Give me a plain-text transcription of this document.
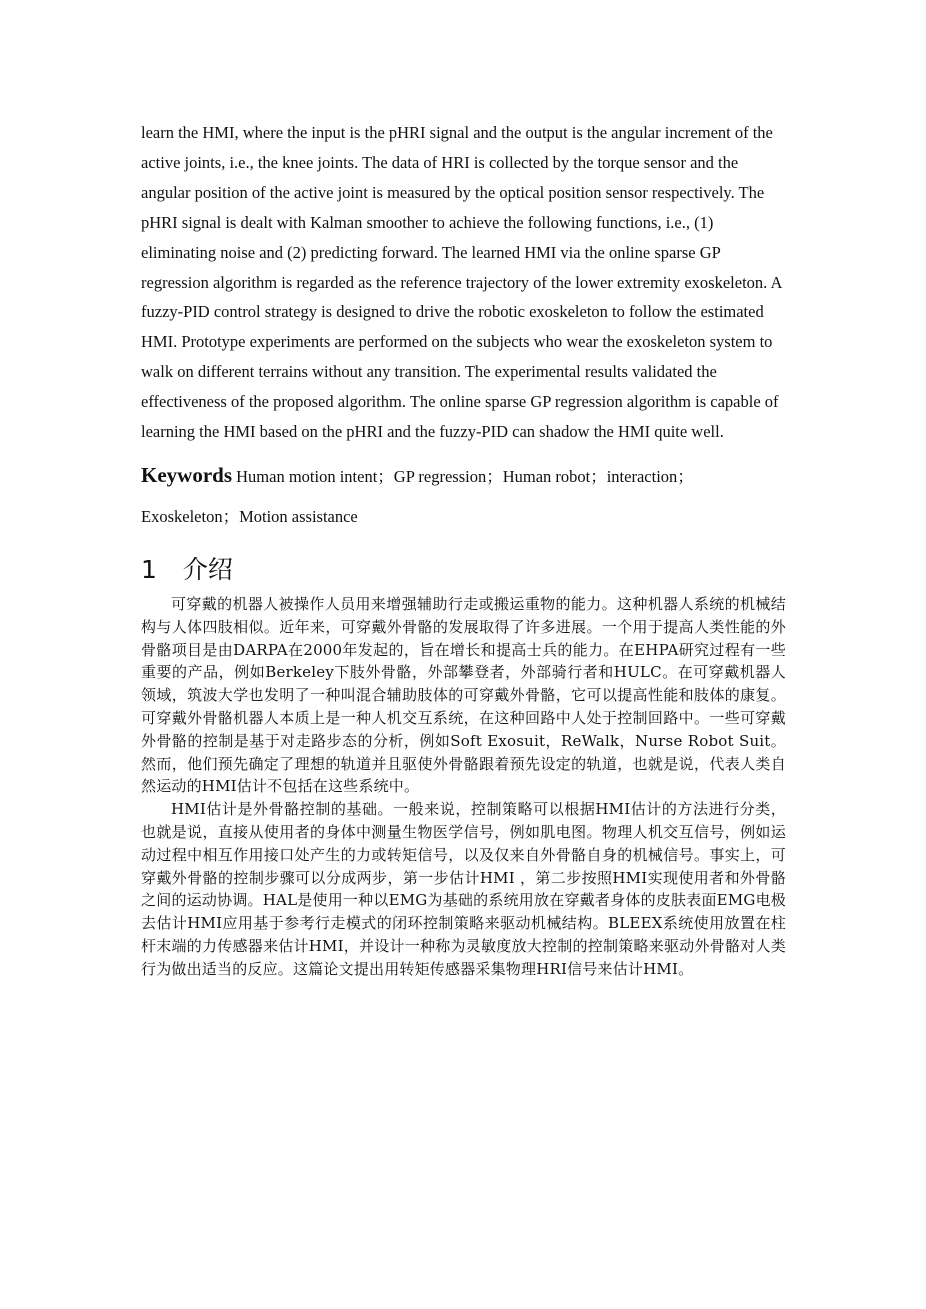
learn the HMI, where the input is the pHRI signal and the output is the angular increment of the active joints, i.e., the knee joints. The data of HRI is collected by the torque sensor and the angular position of the active joint is measured by the optical position sensor respectively. The pHRI signal is dealt with Kalman smoother to achieve the following functions, i.e., (1) eliminating noise and (2) predicting forward. The learned HMI via the online sparse GP regression algorithm is regarded as the reference trajectory of the lower extremity exoskeleton. A fuzzy-PID control strategy is designed to drive the robotic exoskeleton to follow the estimated HMI. Prototype experiments are performed on the subjects who wear the exoskeleton system to walk on different terrains without any transition. The experimental results validated the effectiveness of the proposed algorithm. The online sparse GP regression algorithm is capable of learning the HMI based on the pHRI and the fuzzy-PID can shadow the HMI quite well.

Keywords Human motion intent；GP regression；Human robot；interaction；Exoskeleton；Motion assistance
1 介绍

可穿戴的机器人被操作人员用来增强辅助行走或搬运重物的能力。这种机器人系统的机械结构与人体四肢相似。近年来，可穿戴外骨骼的发展取得了许多进展。一个用于提高人类性能的外骨骼项目是由DARPA在2000年发起的，旨在增长和提高士兵的能力。在EHPA研究过程有一些重要的产品，例如Berkeley下肢外骨骼，外部攀登者，外部骑行者和HULC。在可穿戴机器人领域，筑波大学也发明了一种叫混合辅助肢体的可穿戴外骨骼，它可以提高性能和肢体的康复。可穿戴外骨骼机器人本质上是一种人机交互系统，在这种回路中人处于控制回路中。一些可穿戴外骨骼的控制是基于对走路步态的分析，例如Soft Exosuit，ReWalk，Nurse Robot Suit。然而，他们预先确定了理想的轨道并且驱使外骨骼跟着预先设定的轨道，也就是说，代表人类自然运动的HMI估计不包括在这些系统中。

HMI估计是外骨骼控制的基础。一般来说，控制策略可以根据HMI估计的方法进行分类，也就是说，直接从使用者的身体中测量生物医学信号，例如肌电图。物理人机交互信号，例如运动过程中相互作用接口处产生的力或转矩信号，以及仅来自外骨骼自身的机械信号。事实上，可穿戴外骨骼的控制步骤可以分成两步，第一步估计HMI ，第二步按照HMI实现使用者和外骨骼之间的运动协调。HAL是使用一种以EMG为基础的系统用放在穿戴者身体的皮肤表面EMG电极去估计HMI应用基于参考行走模式的闭环控制策略来驱动机械结构。BLEEX系统使用放置在柱杆末端的力传感器来估计HMI，并设计一种称为灵敏度放大控制的控制策略来驱动外骨骼对人类行为做出适当的反应。这篇论文提出用转矩传感器采集物理HRI信号来估计HMI。
